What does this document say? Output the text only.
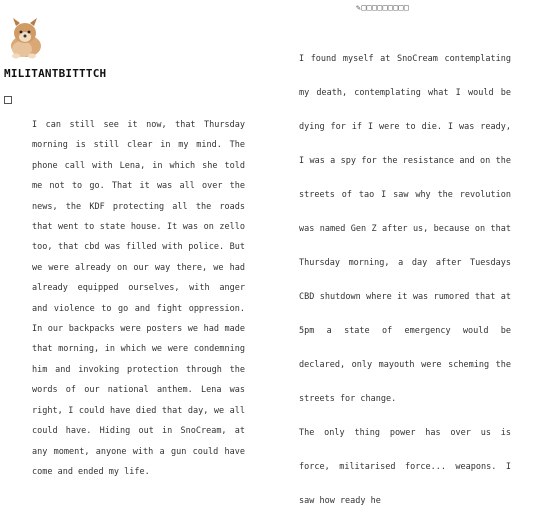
MILITANTBITTTCH

I can still see it now, that Thursday morning is still clear in my mind. The phone call with Lena, in which she told me not to go. That it was all over the news, the KDF protecting all the roads that went to state house. It was on zello too, that cbd was filled with police. But we were already on our way there, we had already equipped ourselves, with anger and violence to go and fight oppression. In our backpacks were posters we had made that morning, in which we were condemning him and invoking protection through the words of our national anthem. Lena was right, I could have died that day, we all could have. Hiding out in SnoCream, at any moment, anyone with a gun could have come and ended my life.

✎□□□□□□□□□

I found myself at SnoCream contemplating my death, contemplating what I would be dying for if I were to die. I was ready, I was a spy for the resistance and on the streets of tao I saw why the revolution was named Gen Z after us, because on that Thursday morning, a day after Tuesdays CBD shutdown where it was rumored that at 5pm a state of emergency would be declared, only mayouth were scheming the streets for change.

The only thing power has over us is force, militarised force... weapons. I saw how ready he
